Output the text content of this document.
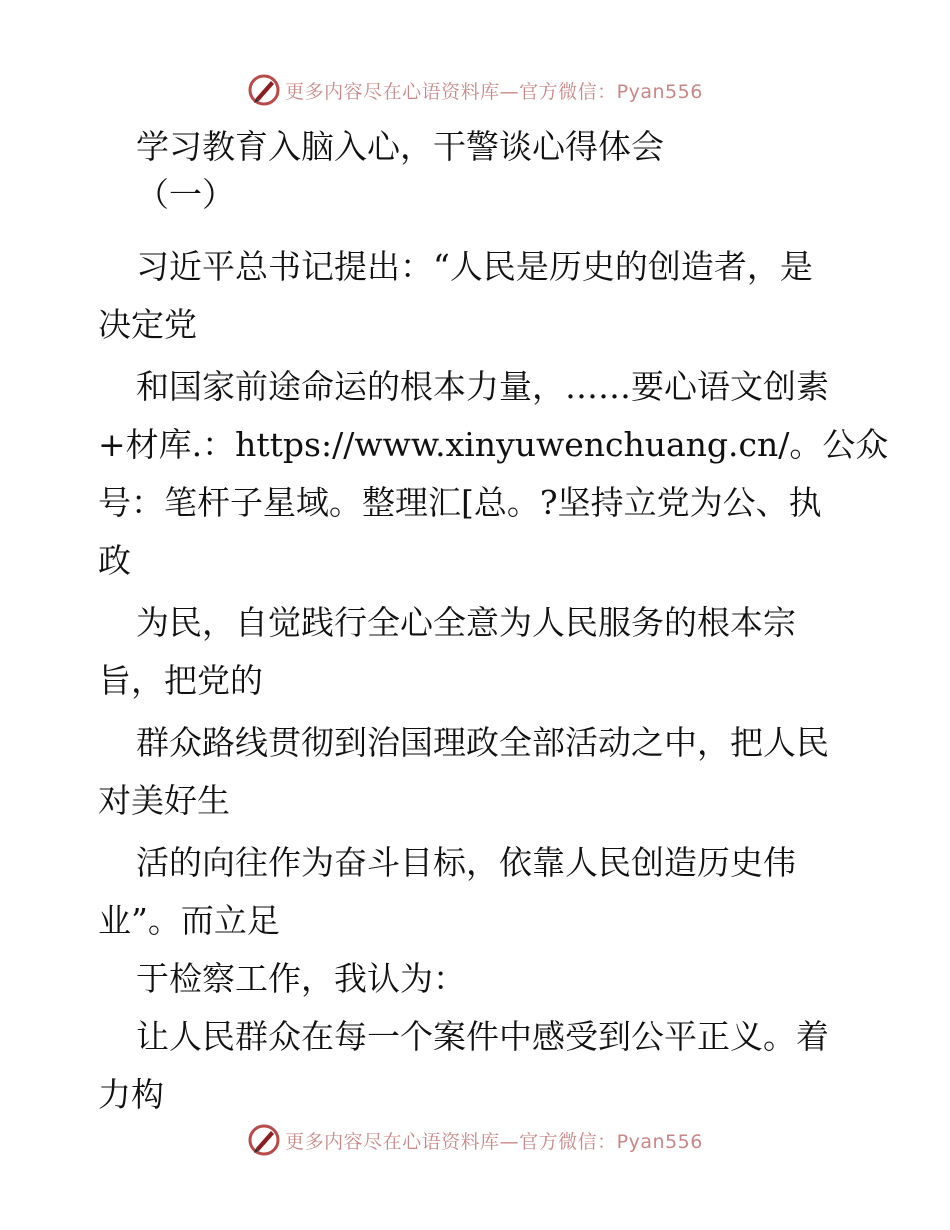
更多内容尽在心语资料库—官方微信：Pyan556
学习教育入脑入心，干警谈心得体会
（一）
习近平总书记提出：“人民是历史的创造者，是
决定党
和国家前途命运的根本力量，……要心语文创素
+材库.：https://www.xinyuwenchuang.cn/。公众
号：笔杆子星域。整理汇[总。?坚持立党为公、执
政
为民，自觉践行全心全意为人民服务的根本宗
旨，把党的
群众路线贯彻到治国理政全部活动之中，把人民
对美好生
活的向往作为奋斗目标，依靠人民创造历史伟
业”。而立足
于检察工作，我认为：
让人民群众在每一个案件中感受到公平正义。着
力构
更多内容尽在心语资料库—官方微信：Pyan556
